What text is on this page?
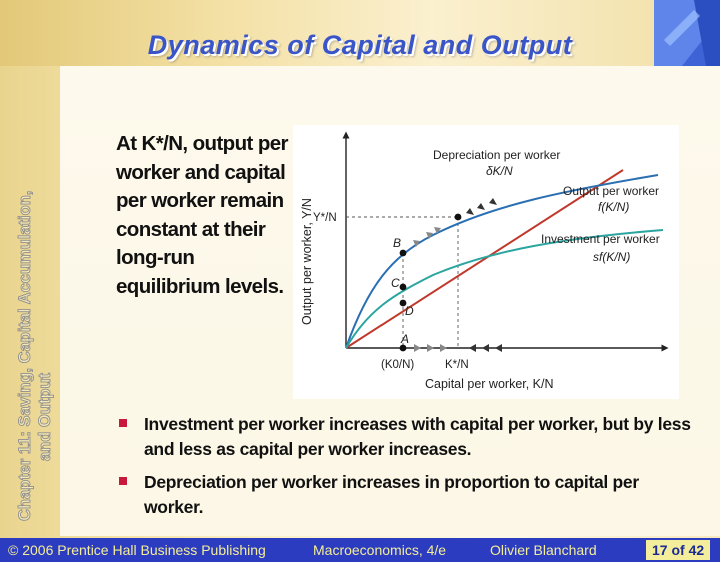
Dynamics of Capital and Output
Chapter 11: Saving, Capital Accumulation, and Output
At K*/N, output per worker and capital per worker remain constant at their long-run equilibrium levels.
B
C
D
A
Y*/N
(K0/N)	K*/N
Capital per worker, K/N
Output per worker, Y/N
Depreciation per worker
δK/N
Output per worker
f(K/N)
Investment per worker
sf(K/N)
Investment per worker increases with capital per worker, but by less and less as capital per worker increases.
Depreciation per worker increases in proportion to capital per worker.
© 2006 Prentice Hall Business Publishing	Macroeconomics, 4/e	Olivier Blanchard	17 of 42
